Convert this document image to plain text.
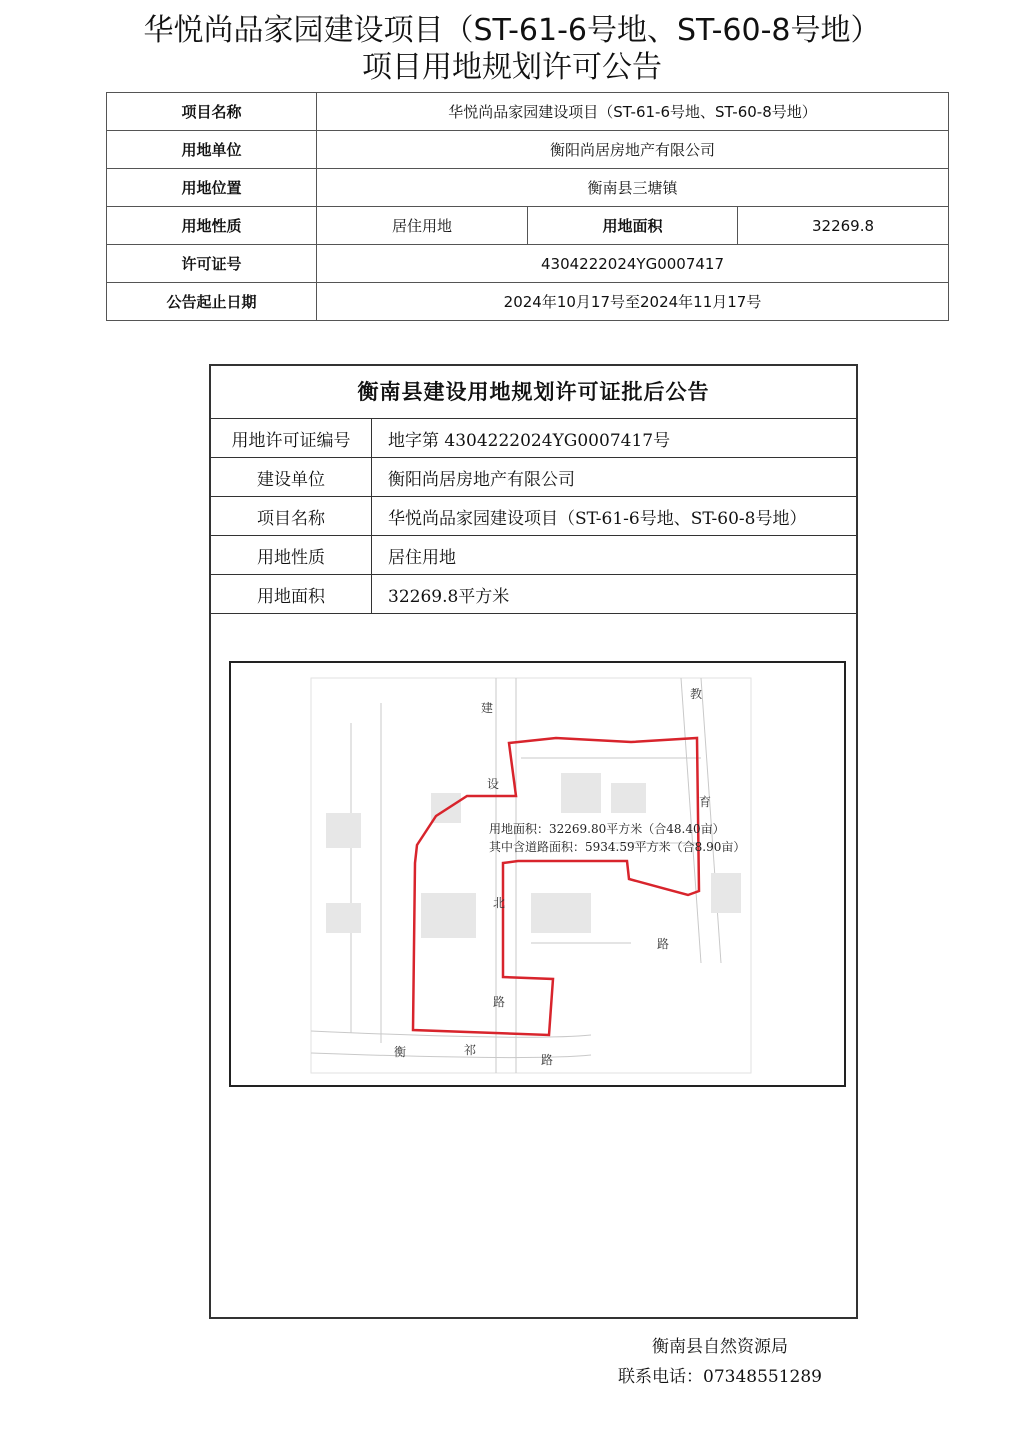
华悦尚品家园建设项目（ST-61-6号地、ST-60-8号地）
项目用地规划许可公告
项目名称	华悦尚品家园建设项目（ST-61-6号地、ST-60-8号地）		
用地单位	衡阳尚居房地产有限公司		
用地位置	衡南县三塘镇		
用地性质	居住用地	用地面积	32269.8
许可证号	4304222024YG0007417		
公告起止日期	2024年10月17号至2024年11月17号		
衡南县建设用地规划许可证批后公告
用地许可证编号	地字第 4304222024YG0007417号
建设单位	衡阳尚居房地产有限公司
项目名称	华悦尚品家园建设项目（ST-61-6号地、ST-60-8号地）
用地性质	居住用地
用地面积	32269.8平方米
用地面积：32269.80平方米（合48.40亩）
其中含道路面积：5934.59平方米（合8.90亩）
建
设
北
路
教
育
路
衡	祁
路
衡南县自然资源局
联系电话：07348551289
